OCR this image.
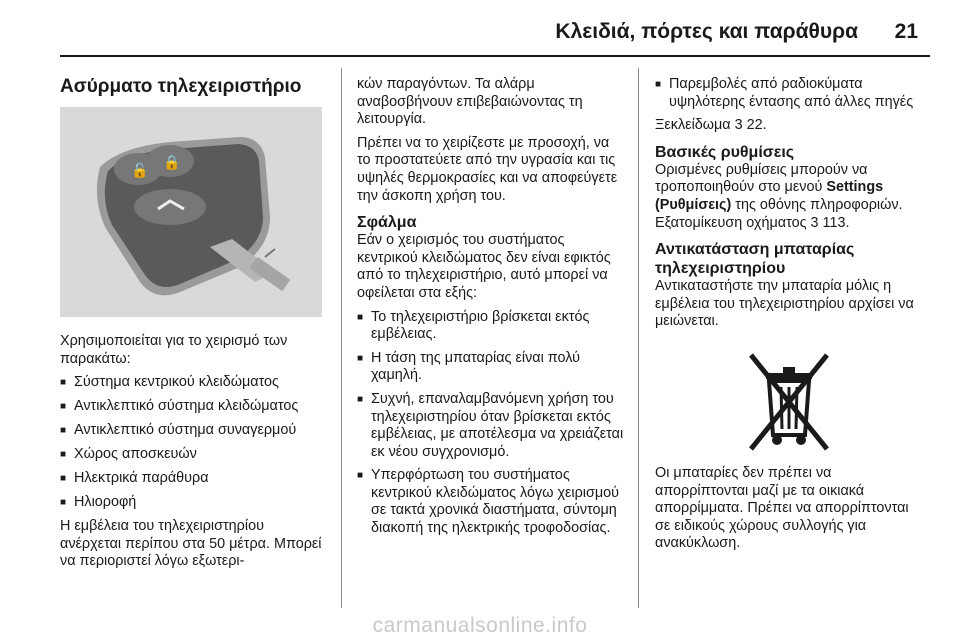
Κλειδιά, πόρτες και παράθυρα 21

Ασύρματο τηλεχειριστήριο

🔓 🔒

Χρησιμοποιείται για το χειρισμό των παρακάτω:

■ Σύστημα κεντρικού κλειδώματος
■ Αντικλεπτικό σύστημα κλειδώματος
■ Αντικλεπτικό σύστημα συναγερμού
■ Χώρος αποσκευών
■ Ηλεκτρικά παράθυρα
■ Ηλιοροφή

Η εμβέλεια του τηλεχειριστηρίου ανέρχεται περίπου στα 50 μέτρα. Μπορεί να περιοριστεί λόγω εξωτερι-

κών παραγόντων. Τα αλάρμ αναβοσβήνουν επιβεβαιώνοντας τη λειτουργία.

Πρέπει να το χειρίζεστε με προσοχή, να το προστατεύετε από την υγρασία και τις υψηλές θερμοκρασίες και να αποφεύγετε την άσκοπη χρήση του.

Σφάλμα

Εάν ο χειρισμός του συστήματος κεντρικού κλειδώματος δεν είναι εφικτός από το τηλεχειριστήριο, αυτό μπορεί να οφείλεται στα εξής:

■ Το τηλεχειριστήριο βρίσκεται εκτός εμβέλειας.
■ Η τάση της μπαταρίας είναι πολύ χαμηλή.
■ Συχνή, επαναλαμβανόμενη χρήση του τηλεχειριστηρίου όταν βρίσκεται εκτός εμβέλειας, με αποτέλεσμα να χρειάζεται εκ νέου συγχρονισμό.
■ Υπερφόρτωση του συστήματος κεντρικού κλειδώματος λόγω χειρισμού σε τακτά χρονικά διαστήματα, σύντομη διακοπή της ηλεκτρικής τροφοδοσίας.
■ Παρεμβολές από ραδιοκύματα υψηλότερης έντασης από άλλες πηγές

Ξεκλείδωμα 3 22.

Βασικές ρυθμίσεις

Ορισμένες ρυθμίσεις μπορούν να τροποποιηθούν στο μενού Settings (Ρυθμίσεις) της οθόνης πληροφοριών. Εξατομίκευση οχήματος 3 113.

Αντικατάσταση μπαταρίας τηλεχειριστηρίου

Αντικαταστήστε την μπαταρία μόλις η εμβέλεια του τηλεχειριστηρίου αρχίσει να μειώνεται.

Οι μπαταρίες δεν πρέπει να απορρίπτονται μαζί με τα οικιακά απορρίμματα. Πρέπει να απορρίπτονται σε ειδικούς χώρους συλλογής για ανακύκλωση.

carmanualsonline.info
